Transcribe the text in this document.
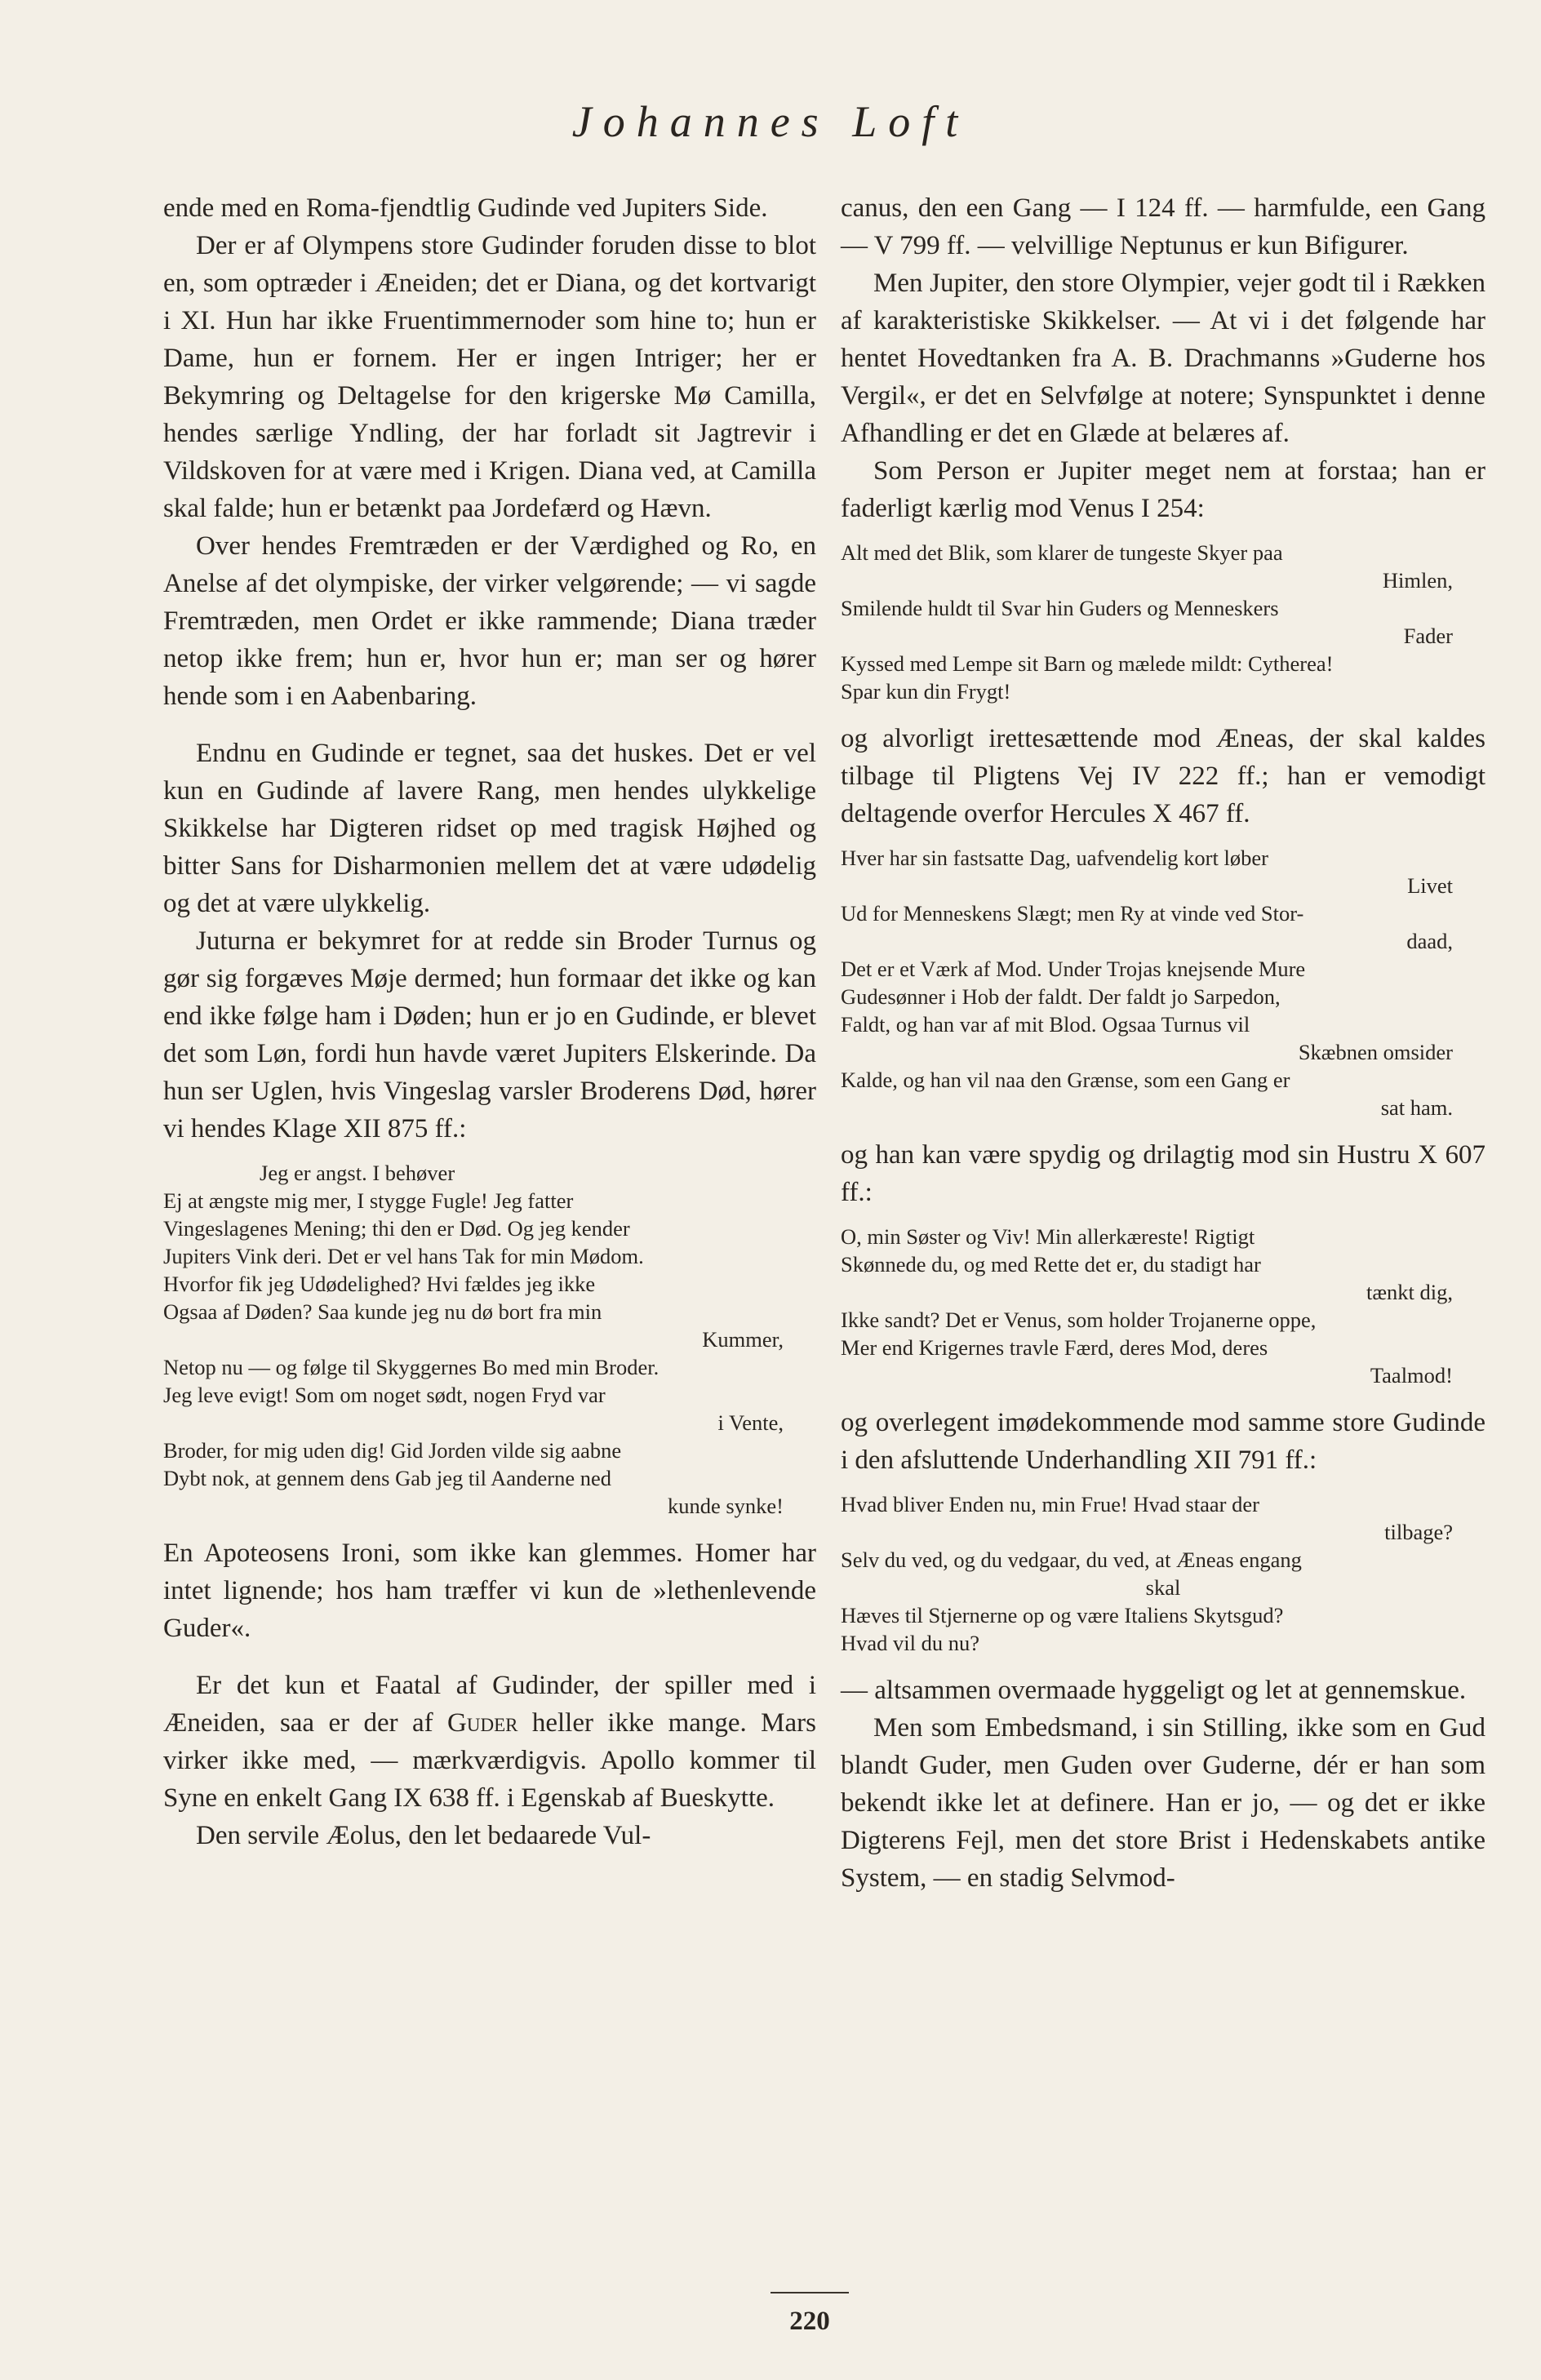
Johannes Loft

ende med en Roma-fjendtlig Gudinde ved Jupiters Side.

Der er af Olympens store Gudinder foruden disse to blot en, som optræder i Æneiden; det er Diana, og det kortvarigt i XI. Hun har ikke Fruentimmernoder som hine to; hun er Dame, hun er fornem. Her er ingen Intriger; her er Bekymring og Deltagelse for den krigerske Mø Camilla, hendes særlige Yndling, der har forladt sit Jagtrevir i Vildskoven for at være med i Krigen. Diana ved, at Camilla skal falde; hun er betænkt paa Jordefærd og Hævn.

Over hendes Fremtræden er der Værdighed og Ro, en Anelse af det olympiske, der virker velgørende; — vi sagde Fremtræden, men Ordet er ikke rammende; Diana træder netop ikke frem; hun er, hvor hun er; man ser og hører hende som i en Aabenbaring.

Endnu en Gudinde er tegnet, saa det huskes. Det er vel kun en Gudinde af lavere Rang, men hendes ulykkelige Skikkelse har Digteren ridset op med tragisk Højhed og bitter Sans for Disharmonien mellem det at være udødelig og det at være ulykkelig.

Juturna er bekymret for at redde sin Broder Turnus og gør sig forgæves Møje dermed; hun formaar det ikke og kan end ikke følge ham i Døden; hun er jo en Gudinde, er blevet det som Løn, fordi hun havde været Jupiters Elskerinde. Da hun ser Uglen, hvis Vingeslag varsler Broderens Død, hører vi hendes Klage XII 875 ff.:

Jeg er angst. I behøver
Ej at ængste mig mer, I stygge Fugle! Jeg fatter
Vingeslagenes Mening; thi den er Død. Og jeg kender
Jupiters Vink deri. Det er vel hans Tak for min Mødom.
Hvorfor fik jeg Udødelighed? Hvi fældes jeg ikke
Ogsaa af Døden? Saa kunde jeg nu dø bort fra min
Kummer,
Netop nu — og følge til Skyggernes Bo med min Broder.
Jeg leve evigt! Som om noget sødt, nogen Fryd var
i Vente,
Broder, for mig uden dig! Gid Jorden vilde sig aabne
Dybt nok, at gennem dens Gab jeg til Aanderne ned
kunde synke!

En Apoteosens Ironi, som ikke kan glemmes. Homer har intet lignende; hos ham træffer vi kun de »lethenlevende Guder«.

Er det kun et Faatal af Gudinder, der spiller med i Æneiden, saa er der af Guder heller ikke mange. Mars virker ikke med, — mærkværdigvis. Apollo kommer til Syne en enkelt Gang IX 638 ff. i Egenskab af Bueskytte.

Den servile Æolus, den let bedaarede Vul-

canus, den een Gang — I 124 ff. — harmfulde, een Gang — V 799 ff. — velvillige Neptunus er kun Bifigurer.

Men Jupiter, den store Olympier, vejer godt til i Rækken af karakteristiske Skikkelser. — At vi i det følgende har hentet Hovedtanken fra A. B. Drachmanns »Guderne hos Vergil«, er det en Selvfølge at notere; Synspunktet i denne Afhandling er det en Glæde at belæres af.

Som Person er Jupiter meget nem at forstaa; han er faderligt kærlig mod Venus I 254:

Alt med det Blik, som klarer de tungeste Skyer paa
Himlen,
Smilende huldt til Svar hin Guders og Menneskers
Fader
Kyssed med Lempe sit Barn og mælede mildt: Cytherea!
Spar kun din Frygt!

og alvorligt irettesættende mod Æneas, der skal kaldes tilbage til Pligtens Vej IV 222 ff.; han er vemodigt deltagende overfor Hercules X 467 ff.

Hver har sin fastsatte Dag, uafvendelig kort løber
Livet
Ud for Menneskens Slægt; men Ry at vinde ved Stor-
daad,
Det er et Værk af Mod. Under Trojas knejsende Mure
Gudesønner i Hob der faldt. Der faldt jo Sarpedon,
Faldt, og han var af mit Blod. Ogsaa Turnus vil
Skæbnen omsider
Kalde, og han vil naa den Grænse, som een Gang er
sat ham.

og han kan være spydig og drilagtig mod sin Hustru X 607 ff.:

O, min Søster og Viv! Min allerkæreste! Rigtigt
Skønnede du, og med Rette det er, du stadigt har
tænkt dig,
Ikke sandt? Det er Venus, som holder Trojanerne oppe,
Mer end Krigernes travle Færd, deres Mod, deres
Taalmod!

og overlegent imødekommende mod samme store Gudinde i den afsluttende Underhandling XII 791 ff.:

Hvad bliver Enden nu, min Frue! Hvad staar der
tilbage?
Selv du ved, og du vedgaar, du ved, at Æneas engang
skal
Hæves til Stjernerne op og være Italiens Skytsgud?
Hvad vil du nu?

— altsammen overmaade hyggeligt og let at gennemskue.

Men som Embedsmand, i sin Stilling, ikke som en Gud blandt Guder, men Guden over Guderne, dér er han som bekendt ikke let at definere. Han er jo, — og det er ikke Digterens Fejl, men det store Brist i Hedenskabets antike System, — en stadig Selvmod-

220
